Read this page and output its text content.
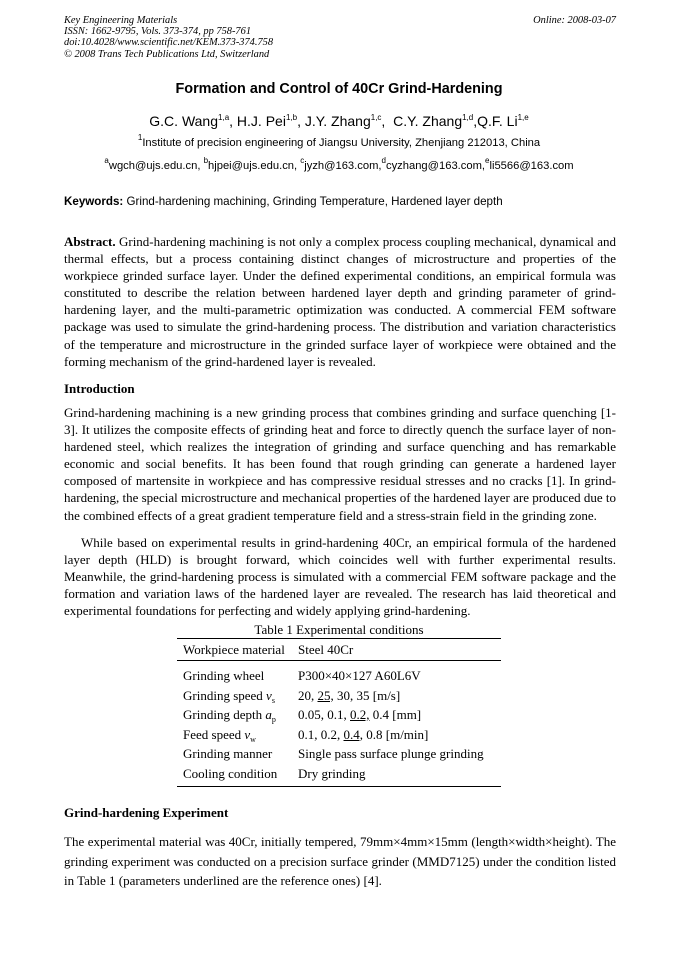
Key Engineering Materials
ISSN: 1662-9795, Vols. 373-374, pp 758-761
doi:10.4028/www.scientific.net/KEM.373-374.758
© 2008 Trans Tech Publications Ltd, Switzerland
Online: 2008-03-07
Formation and Control of 40Cr Grind-Hardening
G.C. Wang$^{1,a}$, H.J. Pei$^{1,b}$, J.Y. Zhang$^{1,c}$,  C.Y. Zhang$^{1,d}$,Q.F. Li$^{1,e}$
$^1$Institute of precision engineering of Jiangsu University, Zhenjiang 212013, China
$^a$wgch@ujs.edu.cn, $^b$hjpei@ujs.edu.cn, $^c$jyzh@163.com,$^d$cyzhang@163.com,$^e$li5566@163.com
Keywords: Grind-hardening machining, Grinding Temperature, Hardened layer depth

Abstract. Grind-hardening machining is not only a complex process coupling mechanical, dynamical and thermal effects, but a process containing distinct changes of microstructure and properties of the workpiece grinded surface layer. Under the defined experimental conditions, an empirical formula was constituted to describe the relation between hardened layer depth and grinding parameter of grind-hardening layer, and the multi-parametric optimization was conducted. A commercial FEM software package was used to simulate the grind-hardening process. The distribution and variation characteristics of the temperature and microstructure in the grinded surface layer of workpiece were obtained and the forming mechanism of the grind-hardened layer is revealed.

Introduction

Grind-hardening machining is a new grinding process that combines grinding and surface quenching [1-3]. It utilizes the composite effects of grinding heat and force to directly quench the surface layer of non-hardened steel, which realizes the integration of grinding and surface quenching and has remarkable economic and social benefits. It has been found that rough grinding can generate a hardened layer composed of martensite in workpiece and has compressive residual stresses and no cracks [1]. In grind-hardening, the special microstructure and mechanical properties of the hardened layer are produced due to the combined effects of a great gradient temperature field and a stress-strain field in the grinding zone.

While based on experimental results in grind-hardening 40Cr, an empirical formula of the hardened layer depth (HLD) is brought forward, which coincides well with further experimental results. Meanwhile, the grind-hardening process is simulated with a commercial FEM software package and the formation and variation laws of the hardened layer are revealed. The research has laid theoretical and experimental foundations for perfecting and widely applying grind-hardening.

Table 1 Experimental conditions
Workpiece material	Steel 40Cr
Grinding wheel	P300×40×127 A60L6V
Grinding speed $v_s$	20, 25, 30, 35 [m/s]
Grinding depth $a_p$	0.05, 0.1, 0.2, 0.4 [mm]
Feed speed $v_w$	0.1, 0.2, 0.4, 0.8 [m/min]
Grinding manner	Single pass surface plunge grinding
Cooling condition	Dry grinding
Grind-hardening Experiment

The experimental material was 40Cr, initially tempered, 79mm×4mm×15mm (length×width×height). The grinding experiment was conducted on a precision surface grinder (MMD7125) under the condition listed in Table 1 (parameters underlined are the reference ones) [4].
